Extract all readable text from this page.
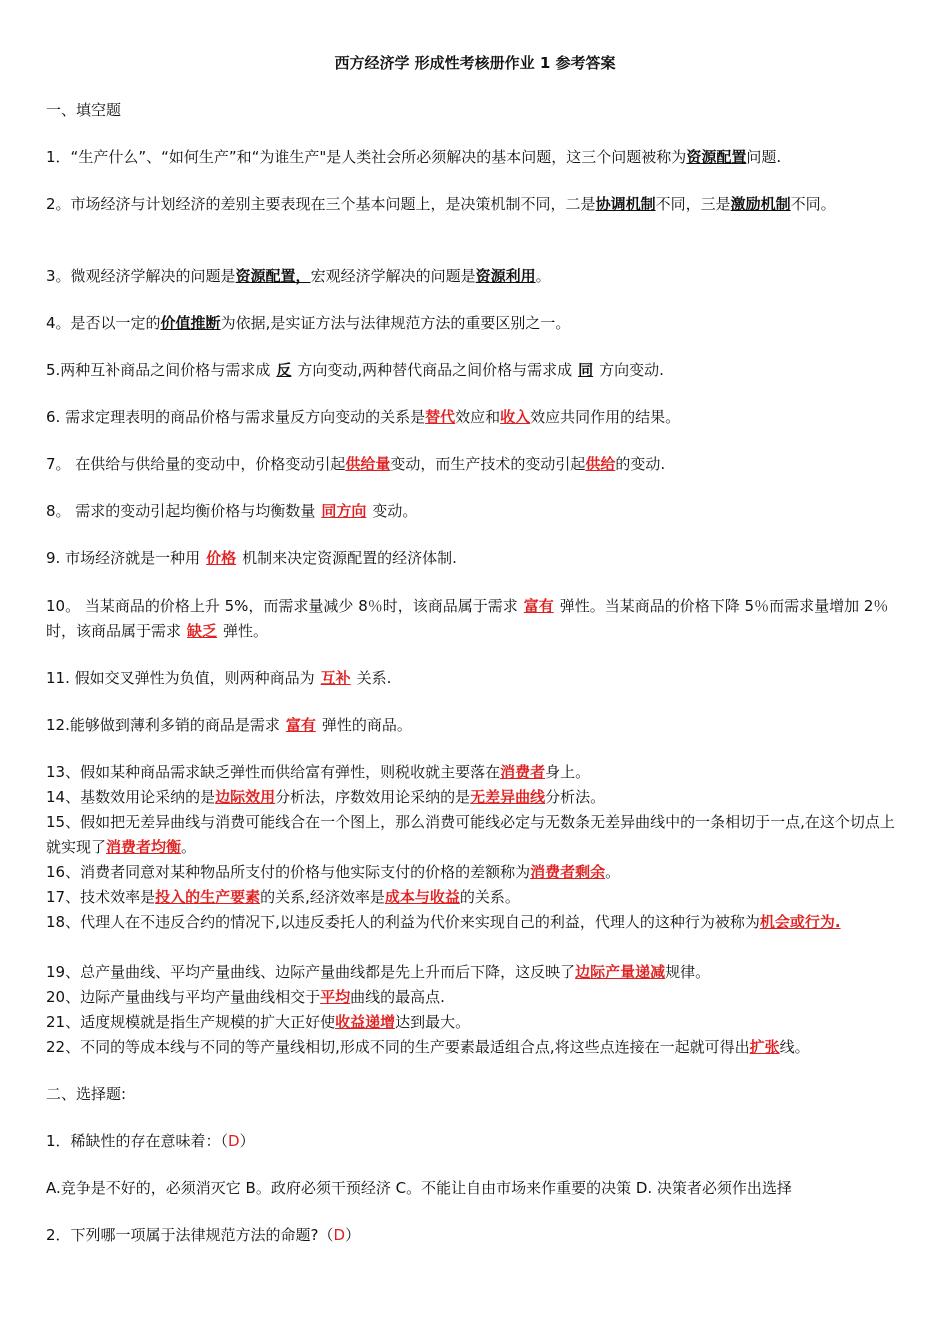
西方经济学 形成性考核册作业 1 参考答案
一、填空题
1．“生产什么”、“如何生产”和“为谁生产"是人类社会所必须解决的基本问题，这三个问题被称为资源配置问题.
2。市场经济与计划经济的差别主要表现在三个基本问题上，是决策机制不同，二是协调机制不同，三是激励机制不同。
3。微观经济学解决的问题是资源配置，宏观经济学解决的问题是资源利用。
4。是否以一定的价值推断为依据,是实证方法与法律规范方法的重要区别之一。
5.两种互补商品之间价格与需求成 反 方向变动,两种替代商品之间价格与需求成 同 方向变动.
6. 需求定理表明的商品价格与需求量反方向变动的关系是替代效应和收入效应共同作用的结果。
7。 在供给与供给量的变动中，价格变动引起供给量变动，而生产技术的变动引起供给的变动.
8。 需求的变动引起均衡价格与均衡数量 同方向 变动。
9. 市场经济就是一种用 价格 机制来决定资源配置的经济体制.
10。 当某商品的价格上升 5%，而需求量减少 8％时，该商品属于需求 富有 弹性。当某商品的价格下降 5％而需求量增加 2％时，该商品属于需求 缺乏 弹性。
11. 假如交叉弹性为负值，则两种商品为 互补 关系.
12.能够做到薄利多销的商品是需求 富有 弹性的商品。
13、假如某种商品需求缺乏弹性而供给富有弹性，则税收就主要落在消费者身上。
14、基数效用论采纳的是边际效用分析法，序数效用论采纳的是无差异曲线分析法。
15、假如把无差异曲线与消费可能线合在一个图上，那么消费可能线必定与无数条无差异曲线中的一条相切于一点,在这个切点上就实现了消费者均衡。
16、消费者同意对某种物品所支付的价格与他实际支付的价格的差额称为消费者剩余。
17、技术效率是投入的生产要素的关系,经济效率是成本与收益的关系。
18、代理人在不违反合约的情况下,以违反委托人的利益为代价来实现自己的利益，代理人的这种行为被称为机会或行为.
19、总产量曲线、平均产量曲线、边际产量曲线都是先上升而后下降，这反映了边际产量递减规律。
20、边际产量曲线与平均产量曲线相交于平均曲线的最高点.
21、适度规模就是指生产规模的扩大正好使收益递增达到最大。
22、不同的等成本线与不同的等产量线相切,形成不同的生产要素最适组合点,将这些点连接在一起就可得出扩张线。
二、选择题:
1．稀缺性的存在意味着：（D）
A.竞争是不好的，必须消灭它 B。政府必须干预经济 C。不能让自由市场来作重要的决策 D. 决策者必须作出选择
2．下列哪一项属于法律规范方法的命题?（D）
